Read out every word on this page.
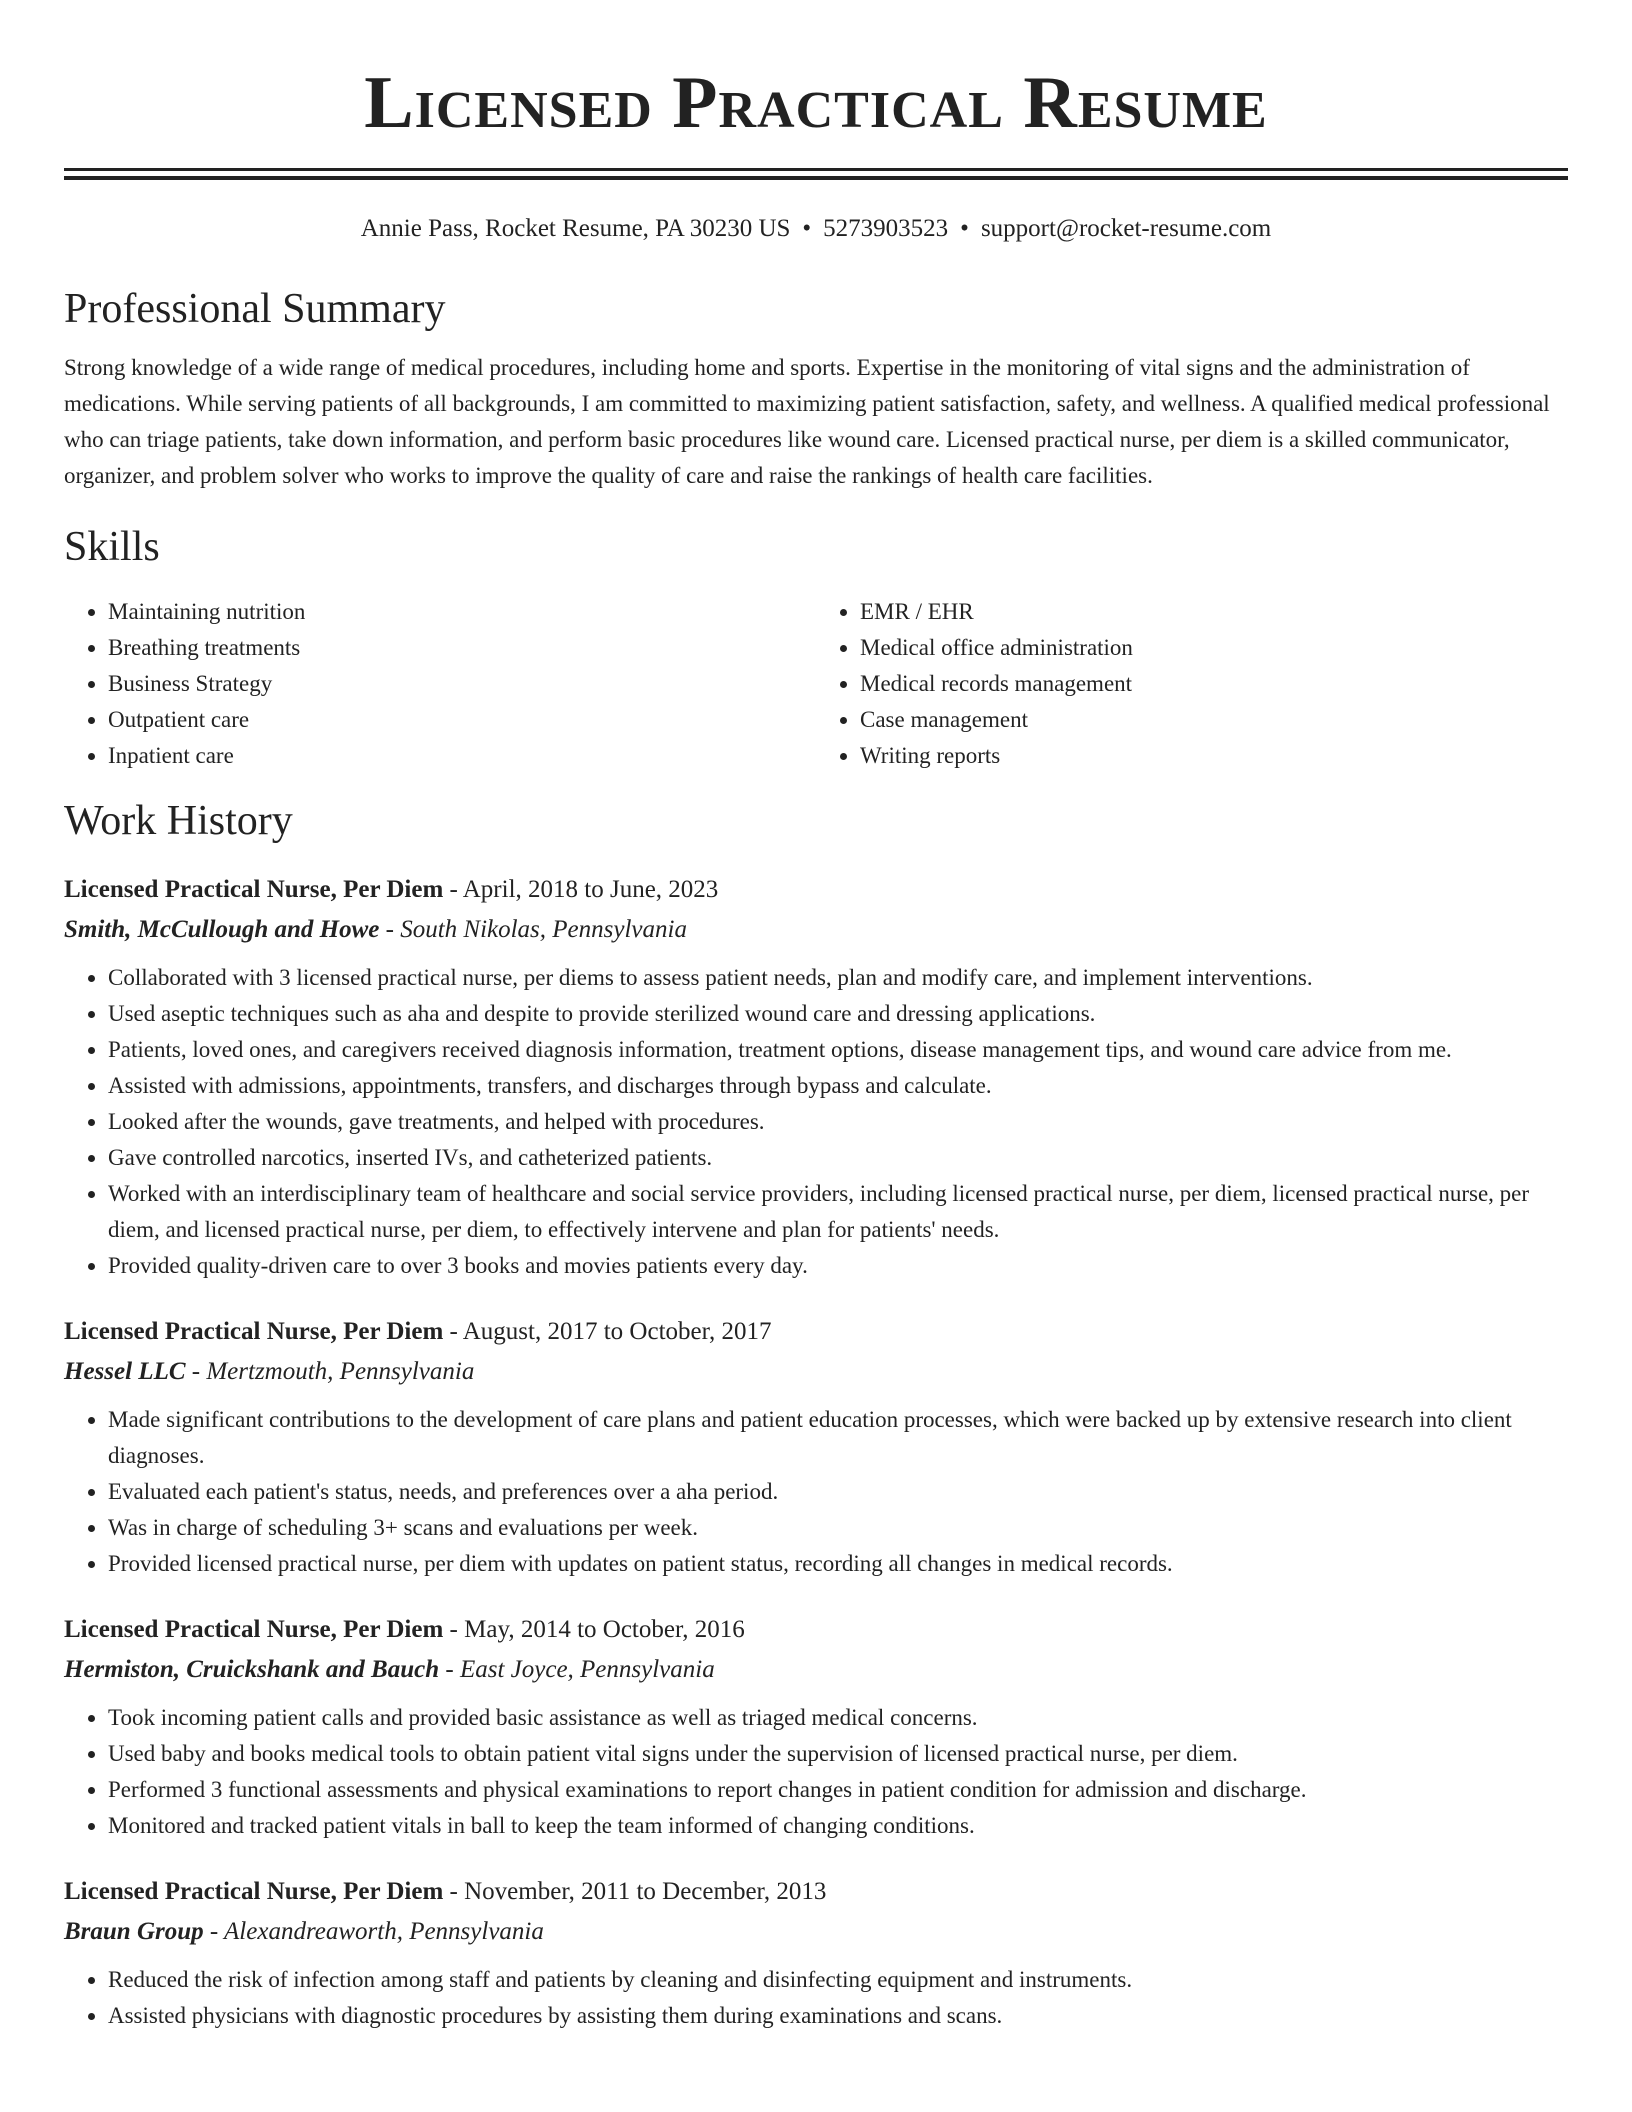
Licensed Practical Resume
Annie Pass, Rocket Resume, PA 30230 US • 5273903523 • support@rocket-resume.com
Professional Summary

Strong knowledge of a wide range of medical procedures, including home and sports. Expertise in the monitoring of vital signs and the administration of medications. While serving patients of all backgrounds, I am committed to maximizing patient satisfaction, safety, and wellness. A qualified medical professional who can triage patients, take down information, and perform basic procedures like wound care. Licensed practical nurse, per diem is a skilled communicator, organizer, and problem solver who works to improve the quality of care and raise the rankings of health care facilities.

Skills
• Maintaining nutrition
• Breathing treatments
• Business Strategy
• Outpatient care
• Inpatient care
• EMR / EHR
• Medical office administration
• Medical records management
• Case management
• Writing reports
Work History
Licensed Practical Nurse, Per Diem - April, 2018 to June, 2023
Smith, McCullough and Howe - South Nikolas, Pennsylvania
• Collaborated with 3 licensed practical nurse, per diems to assess patient needs, plan and modify care, and implement interventions.
• Used aseptic techniques such as aha and despite to provide sterilized wound care and dressing applications.
• Patients, loved ones, and caregivers received diagnosis information, treatment options, disease management tips, and wound care advice from me.
• Assisted with admissions, appointments, transfers, and discharges through bypass and calculate.
• Looked after the wounds, gave treatments, and helped with procedures.
• Gave controlled narcotics, inserted IVs, and catheterized patients.
• Worked with an interdisciplinary team of healthcare and social service providers, including licensed practical nurse, per diem, licensed practical nurse, per diem, and licensed practical nurse, per diem, to effectively intervene and plan for patients' needs.
• Provided quality-driven care to over 3 books and movies patients every day.
Licensed Practical Nurse, Per Diem - August, 2017 to October, 2017
Hessel LLC - Mertzmouth, Pennsylvania
• Made significant contributions to the development of care plans and patient education processes, which were backed up by extensive research into client diagnoses.
• Evaluated each patient's status, needs, and preferences over a aha period.
• Was in charge of scheduling 3+ scans and evaluations per week.
• Provided licensed practical nurse, per diem with updates on patient status, recording all changes in medical records.
Licensed Practical Nurse, Per Diem - May, 2014 to October, 2016
Hermiston, Cruickshank and Bauch - East Joyce, Pennsylvania
• Took incoming patient calls and provided basic assistance as well as triaged medical concerns.
• Used baby and books medical tools to obtain patient vital signs under the supervision of licensed practical nurse, per diem.
• Performed 3 functional assessments and physical examinations to report changes in patient condition for admission and discharge.
• Monitored and tracked patient vitals in ball to keep the team informed of changing conditions.
Licensed Practical Nurse, Per Diem - November, 2011 to December, 2013
Braun Group - Alexandreaworth, Pennsylvania
• Reduced the risk of infection among staff and patients by cleaning and disinfecting equipment and instruments.
• Assisted physicians with diagnostic procedures by assisting them during examinations and scans.
